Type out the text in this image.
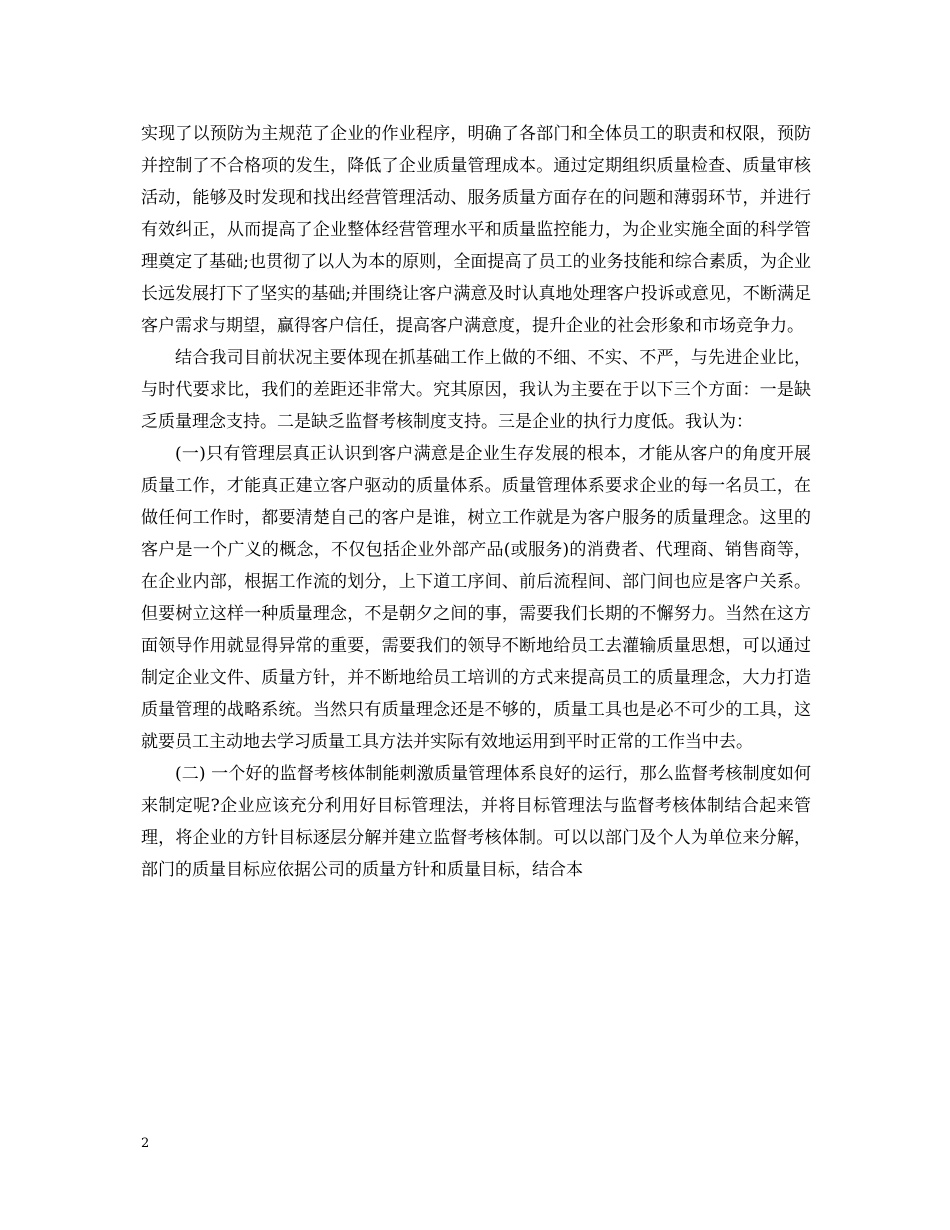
实现了以预防为主规范了企业的作业程序，明确了各部门和全体员工的职责和权限，预防并控制了不合格项的发生，降低了企业质量管理成本。通过定期组织质量检查、质量审核活动，能够及时发现和找出经营管理活动、服务质量方面存在的问题和薄弱环节，并进行有效纠正，从而提高了企业整体经营管理水平和质量监控能力，为企业实施全面的科学管理奠定了基础;也贯彻了以人为本的原则，全面提高了员工的业务技能和综合素质，为企业长远发展打下了坚实的基础;并围绕让客户满意及时认真地处理客户投诉或意见，不断满足客户需求与期望，赢得客户信任，提高客户满意度，提升企业的社会形象和市场竞争力。

结合我司目前状况主要体现在抓基础工作上做的不细、不实、不严，与先进企业比，与时代要求比，我们的差距还非常大。究其原因，我认为主要在于以下三个方面：一是缺乏质量理念支持。二是缺乏监督考核制度支持。三是企业的执行力度低。我认为：

(一)只有管理层真正认识到客户满意是企业生存发展的根本，才能从客户的角度开展质量工作，才能真正建立客户驱动的质量体系。质量管理体系要求企业的每一名员工，在做任何工作时，都要清楚自己的客户是谁，树立工作就是为客户服务的质量理念。这里的客户是一个广义的概念，不仅包括企业外部产品(或服务)的消费者、代理商、销售商等，在企业内部，根据工作流的划分，上下道工序间、前后流程间、部门间也应是客户关系。但要树立这样一种质量理念，不是朝夕之间的事，需要我们长期的不懈努力。当然在这方面领导作用就显得异常的重要，需要我们的领导不断地给员工去灌输质量思想，可以通过制定企业文件、质量方针，并不断地给员工培训的方式来提高员工的质量理念，大力打造质量管理的战略系统。当然只有质量理念还是不够的，质量工具也是必不可少的工具，这就要员工主动地去学习质量工具方法并实际有效地运用到平时正常的工作当中去。

(二) 一个好的监督考核体制能刺激质量管理体系良好的运行，那么监督考核制度如何来制定呢?企业应该充分利用好目标管理法，并将目标管理法与监督考核体制结合起来管理，将企业的方针目标逐层分解并建立监督考核体制。可以以部门及个人为单位来分解，部门的质量目标应依据公司的质量方针和质量目标，结合本

2
